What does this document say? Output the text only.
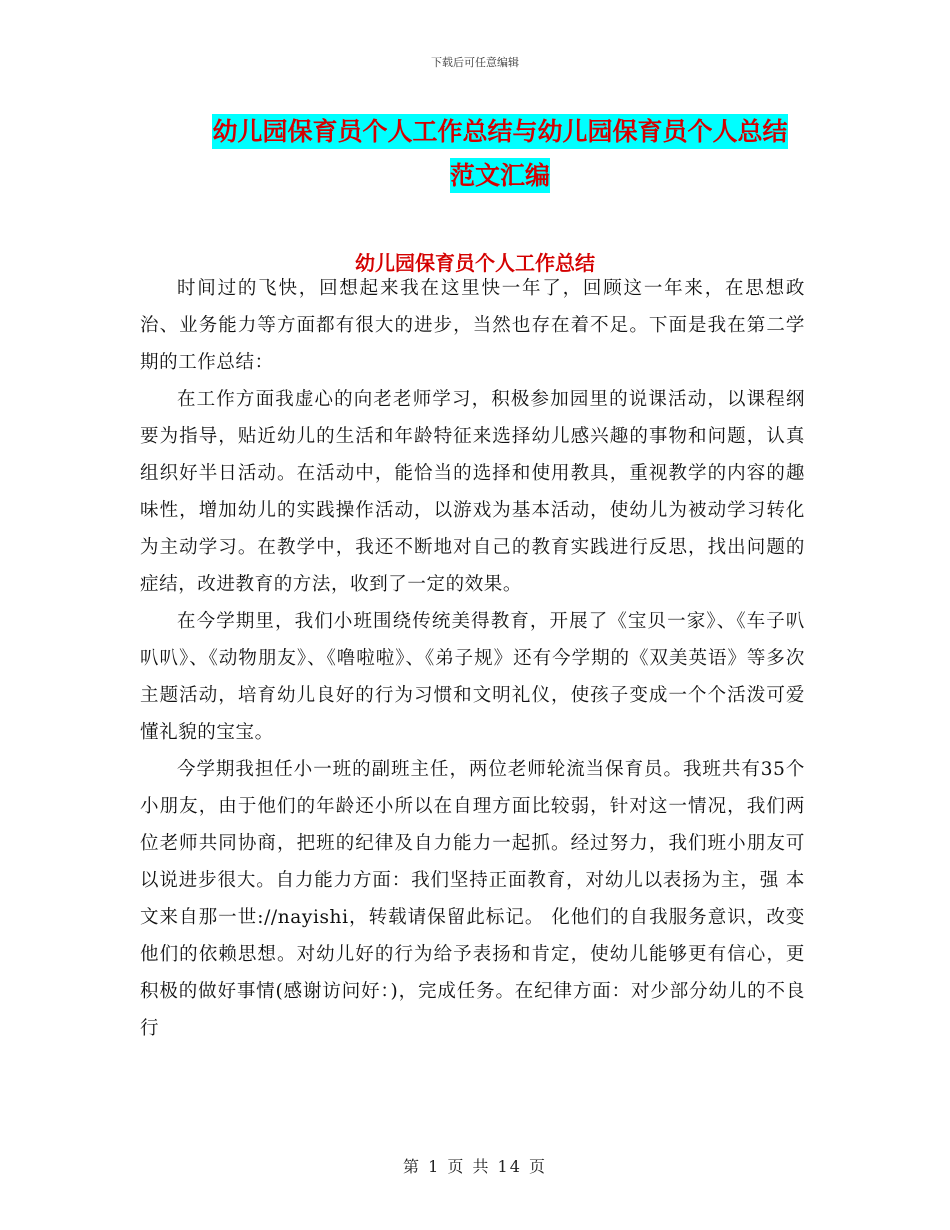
下载后可任意编辑
幼儿园保育员个人工作总结与幼儿园保育员个人总结
范文汇编
幼儿园保育员个人工作总结

时间过的飞快，回想起来我在这里快一年了，回顾这一年来，在思想政治、业务能力等方面都有很大的进步，当然也存在着不足。下面是我在第二学期的工作总结：

在工作方面我虚心的向老老师学习，积极参加园里的说课活动，以课程纲要为指导，贴近幼儿的生活和年龄特征来选择幼儿感兴趣的事物和问题，认真组织好半日活动。在活动中，能恰当的选择和使用教具，重视教学的内容的趣味性，增加幼儿的实践操作活动，以游戏为基本活动，使幼儿为被动学习转化为主动学习。在教学中，我还不断地对自己的教育实践进行反思，找出问题的症结，改进教育的方法，收到了一定的效果。

在今学期里，我们小班围绕传统美得教育，开展了《宝贝一家》、《车子叭叭叭》、《动物朋友》、《噜啦啦》、《弟子规》还有今学期的《双美英语》等多次主题活动，培育幼儿良好的行为习惯和文明礼仪，使孩子变成一个个活泼可爱懂礼貌的宝宝。

今学期我担任小一班的副班主任，两位老师轮流当保育员。我班共有35个小朋友，由于他们的年龄还小所以在自理方面比较弱，针对这一情况，我们两位老师共同协商，把班的纪律及自力能力一起抓。经过努力，我们班小朋友可以说进步很大。自力能力方面：我们坚持正面教育，对幼儿以表扬为主，强 本文来自那一世://nayishi，转载请保留此标记。 化他们的自我服务意识，改变他们的依赖思想。对幼儿好的行为给予表扬和肯定，使幼儿能够更有信心，更积极的做好事情(感谢访问好：)，完成任务。在纪律方面：对少部分幼儿的不良行

第 1 页 共 14 页
